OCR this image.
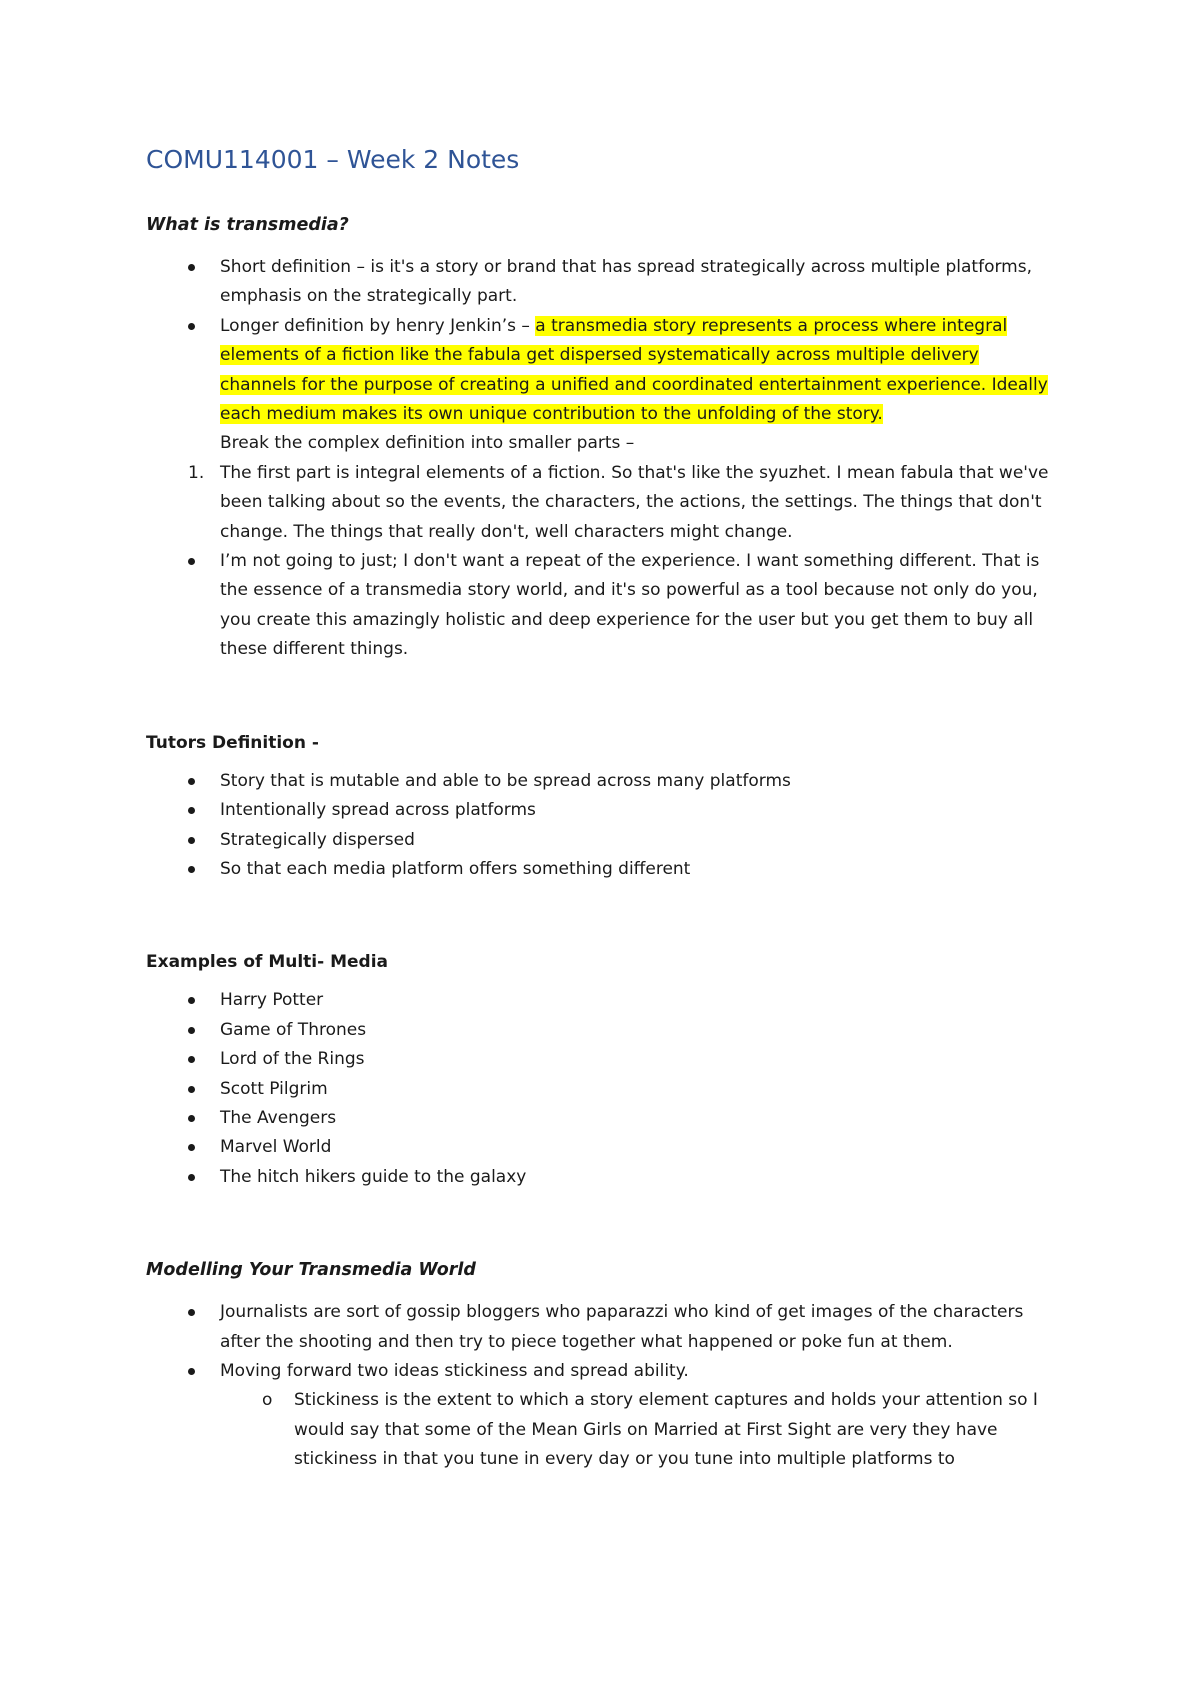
COMU114001 – Week 2 Notes
What is transmedia?
Short definition – is it's a story or brand that has spread strategically across multiple platforms, emphasis on the strategically part.
Longer definition by henry Jenkin’s – a transmedia story represents a process where integral elements of a fiction like the fabula get dispersed systematically across multiple delivery channels for the purpose of creating a unified and coordinated entertainment experience. Ideally each medium makes its own unique contribution to the unfolding of the story.
Break the complex definition into smaller parts –
1. The first part is integral elements of a fiction. So that's like the syuzhet. I mean fabula that we've been talking about so the events, the characters, the actions, the settings. The things that don't change. The things that really don't, well characters might change.
I’m not going to just; I don't want a repeat of the experience. I want something different. That is the essence of a transmedia story world, and it's so powerful as a tool because not only do you, you create this amazingly holistic and deep experience for the user but you get them to buy all these different things.
Tutors Definition -
Story that is mutable and able to be spread across many platforms
Intentionally spread across platforms
Strategically dispersed
So that each media platform offers something different
Examples of Multi- Media
Harry Potter
Game of Thrones
Lord of the Rings
Scott Pilgrim
The Avengers
Marvel World
The hitch hikers guide to the galaxy
Modelling Your Transmedia World
Journalists are sort of gossip bloggers who paparazzi who kind of get images of the characters after the shooting and then try to piece together what happened or poke fun at them.
Moving forward two ideas stickiness and spread ability.
o Stickiness is the extent to which a story element captures and holds your attention so I would say that some of the Mean Girls on Married at First Sight are very they have stickiness in that you tune in every day or you tune into multiple platforms to
